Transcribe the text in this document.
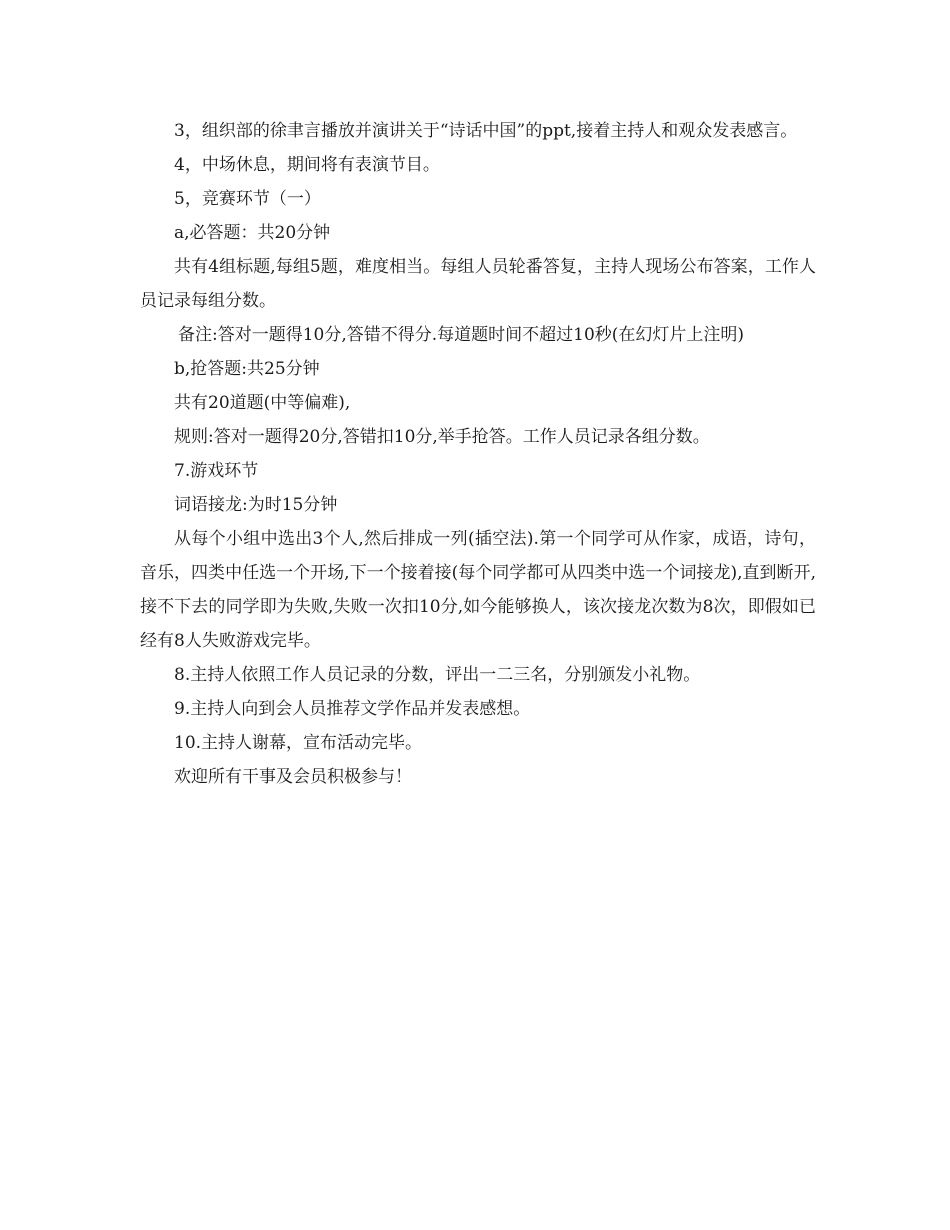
3，组织部的徐聿言播放并演讲关于“诗话中国”的ppt,接着主持人和观众发表感言。

4，中场休息，期间将有表演节目。

5，竞赛环节（一）

a,必答题：共20分钟

共有4组标题,每组5题，难度相当。每组人员轮番答复，主持人现场公布答案，工作人员记录每组分数。

备注:答对一题得10分,答错不得分.每道题时间不超过10秒(在幻灯片上注明)

b,抢答题:共25分钟

共有20道题(中等偏难),

规则:答对一题得20分,答错扣10分,举手抢答。工作人员记录各组分数。

7.游戏环节

词语接龙:为时15分钟

从每个小组中选出3个人,然后排成一列(插空法).第一个同学可从作家，成语，诗句，音乐，四类中任选一个开场,下一个接着接(每个同学都可从四类中选一个词接龙),直到断开,接不下去的同学即为失败,失败一次扣10分,如今能够换人，该次接龙次数为8次，即假如已经有8人失败游戏完毕。

8.主持人依照工作人员记录的分数，评出一二三名，分别颁发小礼物。

9.主持人向到会人员推荐文学作品并发表感想。

10.主持人谢幕，宣布活动完毕。

欢迎所有干事及会员积极参与！
